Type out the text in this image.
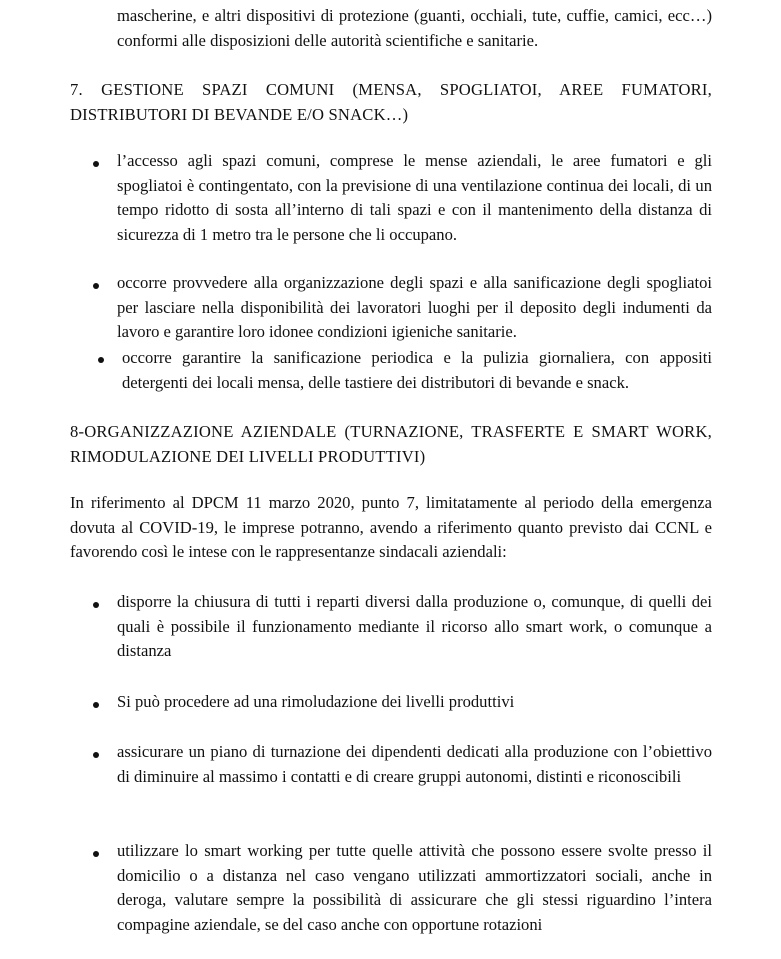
mascherine, e altri dispositivi di protezione (guanti, occhiali, tute, cuffie, camici, ecc…) conformi alle disposizioni delle autorità scientifiche e sanitarie.

7. GESTIONE SPAZI COMUNI (MENSA, SPOGLIATOI, AREE FUMATORI, DISTRIBUTORI DI BEVANDE E/O SNACK…)

l’accesso agli spazi comuni, comprese le mense aziendali, le aree fumatori e gli spogliatoi è contingentato, con la previsione di una ventilazione continua dei locali, di un tempo ridotto di sosta all’interno di tali spazi e con il mantenimento della distanza di sicurezza di 1 metro tra le persone che li occupano.

occorre provvedere alla organizzazione degli spazi e alla sanificazione degli spogliatoi per lasciare nella disponibilità dei lavoratori luoghi per il deposito degli indumenti da lavoro e garantire loro idonee condizioni igieniche sanitarie.

occorre garantire la sanificazione periodica e la pulizia giornaliera, con appositi detergenti dei locali mensa, delle tastiere dei distributori di bevande e snack.

8-ORGANIZZAZIONE AZIENDALE (TURNAZIONE, TRASFERTE E SMART WORK, RIMODULAZIONE DEI LIVELLI PRODUTTIVI)

In riferimento al DPCM 11 marzo 2020, punto 7, limitatamente al periodo della emergenza dovuta al COVID-19, le imprese potranno, avendo a riferimento quanto previsto dai CCNL e favorendo così le intese con le rappresentanze sindacali aziendali:

disporre la chiusura di tutti i reparti diversi dalla produzione o, comunque, di quelli dei quali è possibile il funzionamento mediante il ricorso allo smart work, o comunque a distanza

Si può procedere ad una rimoludazione dei livelli produttivi

assicurare un piano di turnazione dei dipendenti dedicati alla produzione con l’obiettivo di diminuire al massimo i contatti e di creare gruppi autonomi, distinti e riconoscibili

utilizzare lo smart working per tutte quelle attività che possono essere svolte presso il domicilio o a distanza nel caso vengano utilizzati ammortizzatori sociali, anche in deroga, valutare sempre la possibilità di assicurare che gli stessi riguardino l’intera compagine aziendale, se del caso anche con opportune rotazioni
